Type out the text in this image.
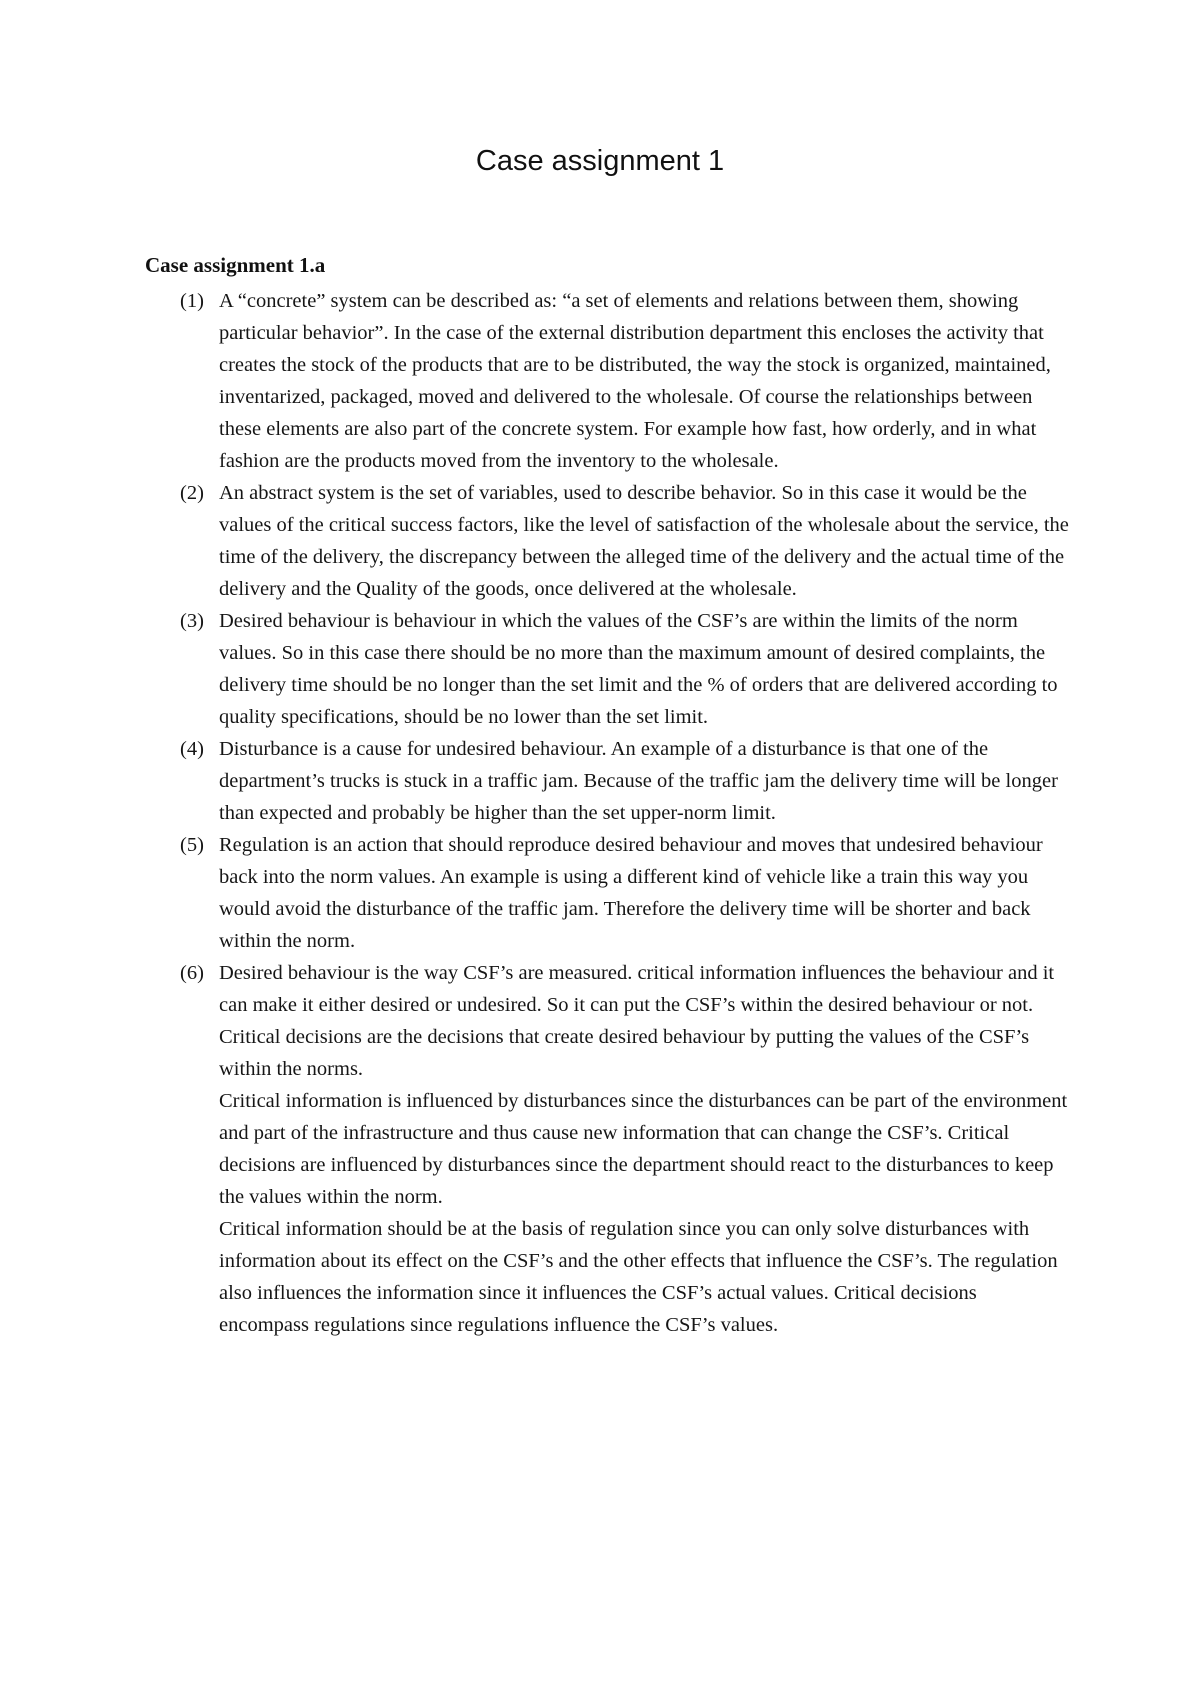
Case assignment 1
Case assignment 1.a
(1) A “concrete” system can be described as: “a set of elements and relations between them, showing particular behavior”. In the case of the external distribution department this encloses the activity that creates the stock of the products that are to be distributed, the way the stock is organized, maintained, inventarized, packaged, moved and delivered to the wholesale. Of course the relationships between these elements are also part of the concrete system. For example how fast, how orderly, and in what fashion are the products moved from the inventory to the wholesale.
(2) An abstract system is the set of variables, used to describe behavior. So in this case it would be the values of the critical success factors, like the level of satisfaction of the wholesale about the service, the time of the delivery, the discrepancy between the alleged time of the delivery and the actual time of the delivery and the Quality of the goods, once delivered at the wholesale.
(3) Desired behaviour is behaviour in which the values of the CSF’s are within the limits of the norm values. So in this case there should be no more than the maximum amount of desired complaints, the delivery time should be no longer than the set limit and the % of orders that are delivered according to quality specifications, should be no lower than the set limit.
(4) Disturbance is a cause for undesired behaviour. An example of a disturbance is that one of the department’s trucks is stuck in a traffic jam. Because of the traffic jam the delivery time will be longer than expected and probably be higher than the set upper-norm limit.
(5) Regulation is an action that should reproduce desired behaviour and moves that undesired behaviour back into the norm values. An example is using a different kind of vehicle like a train this way you would avoid the disturbance of the traffic jam. Therefore the delivery time will be shorter and back within the norm.
(6) Desired behaviour is the way CSF’s are measured. critical information influences the behaviour and it can make it either desired or undesired. So it can put the CSF’s within the desired behaviour or not. Critical decisions are the decisions that create desired behaviour by putting the values of the CSF’s within the norms.
Critical information is influenced by disturbances since the disturbances can be part of the environment and part of the infrastructure and thus cause new information that can change the CSF’s. Critical decisions are influenced by disturbances since the department should react to the disturbances to keep the values within the norm.
Critical information should be at the basis of regulation since you can only solve disturbances with information about its effect on the CSF’s and the other effects that influence the CSF’s. The regulation also influences the information since it influences the CSF’s actual values. Critical decisions encompass regulations since regulations influence the CSF’s values.
